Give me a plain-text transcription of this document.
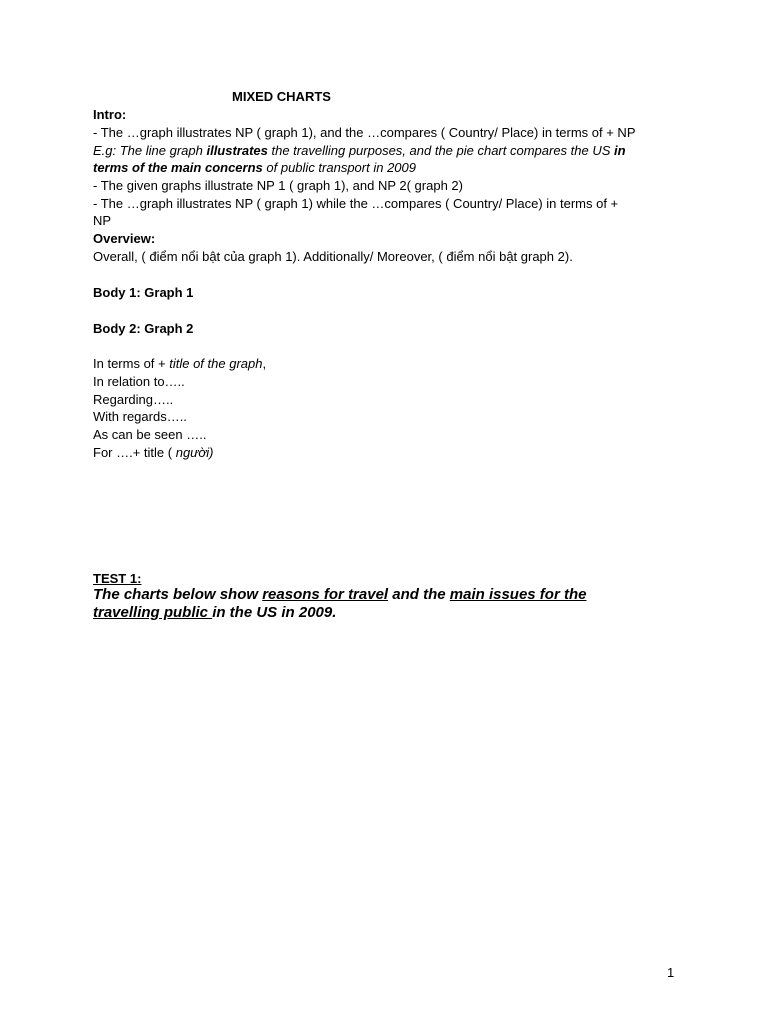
MIXED CHARTS
Intro:
- The …graph illustrates NP ( graph 1), and the …compares ( Country/ Place) in terms of + NP
E.g: The line graph illustrates the travelling purposes, and the pie chart compares the US in
terms of the main concerns of public transport in 2009
- The given graphs illustrate NP 1 ( graph 1), and NP 2( graph 2)
- The …graph illustrates NP ( graph 1) while the …compares ( Country/ Place) in terms of +
NP
Overview:
Overall, ( điểm nổi bật của graph 1). Additionally/ Moreover, ( điểm nổi bật graph 2).
Body 1: Graph 1
Body 2: Graph 2
In terms of + title of the graph,
In relation to…..
Regarding…..
With regards…..
As can be seen …..
For ….+ title ( người)
TEST 1:
The charts below show reasons for travel and the main issues for the travelling public in the US in 2009.
1
